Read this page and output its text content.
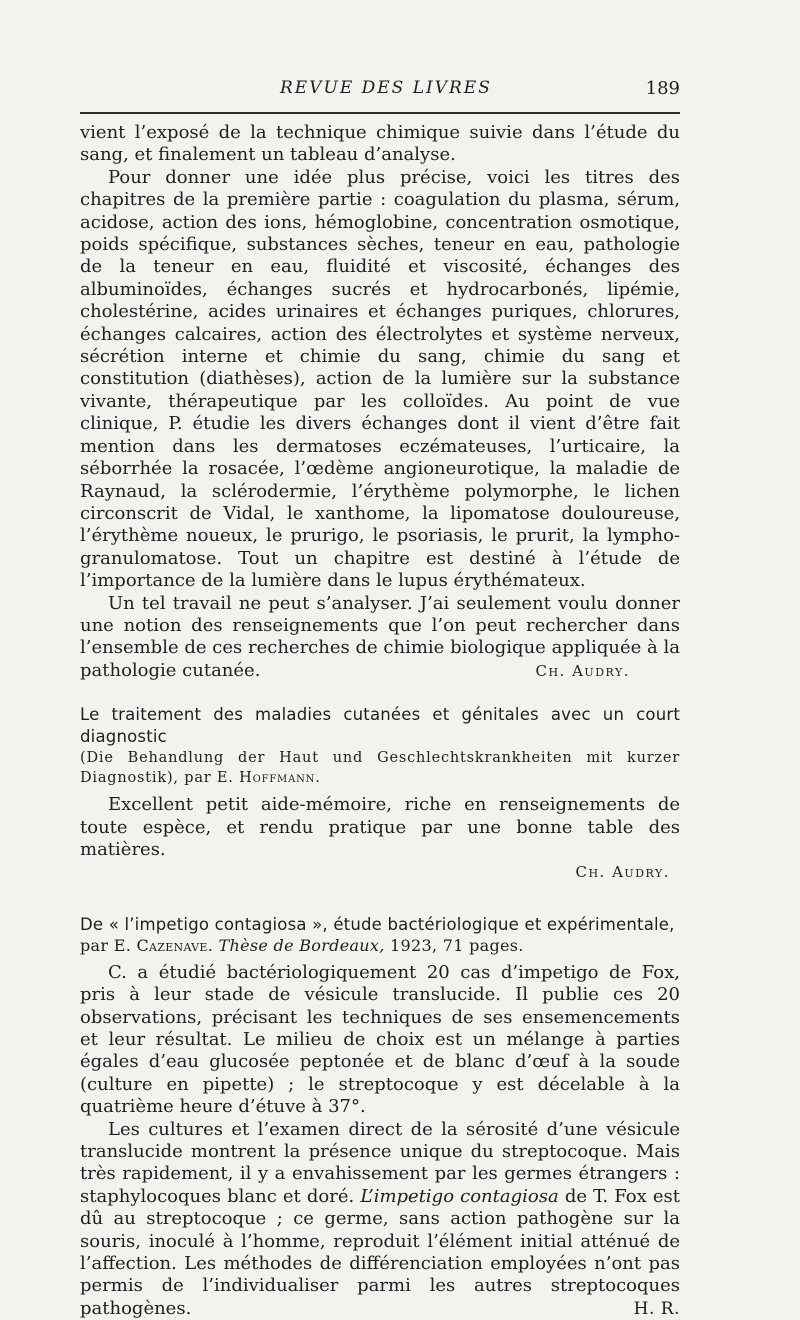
REVUE DES LIVRES	189

vient l’exposé de la technique chimique suivie dans l’étude du sang, et finalement un tableau d’analyse.

Pour donner une idée plus précise, voici les titres des chapitres de la première partie : coagulation du plasma, sérum, acidose, action des ions, hémoglobine, concentration osmotique, poids spécifique, substances sèches, teneur en eau, pathologie de la teneur en eau, fluidité et viscosité, échanges des albuminoïdes, échanges sucrés et hydrocarbonés, lipémie, cholestérine, acides urinaires et échanges puriques, chlorures, échanges calcaires, action des électrolytes et système nerveux, sécrétion interne et chimie du sang, chimie du sang et constitution (diathèses), action de la lumière sur la substance vivante, thérapeutique par les colloïdes. Au point de vue clinique, P. étudie les divers échanges dont il vient d’être fait mention dans les dermatoses eczémateuses, l’urticaire, la séborrhée la rosacée, l’œdème angioneurotique, la maladie de Raynaud, la sclérodermie, l’érythème polymorphe, le lichen circonscrit de Vidal, le xanthome, la lipomatose douloureuse, l’érythème noueux, le prurigo, le psoriasis, le prurit, la lympho-granulomatose. Tout un chapitre est destiné à l’étude de l’importance de la lumière dans le lupus érythémateux.

Un tel travail ne peut s’analyser. J’ai seulement voulu donner une notion des renseignements que l’on peut rechercher dans l’ensemble de ces recherches de chimie biologique appliquée à la pathologie cutanée.	Ch. Audry.
Le traitement des maladies cutanées et génitales avec un court diagnostic
(Die Behandlung der Haut und Geschlechtskrankheiten mit kurzer Diagnostik), par E. Hoffmann.

Excellent petit aide-mémoire, riche en renseignements de toute espèce, et rendu pratique par une bonne table des matières.

Ch. Audry.
De « l’impetigo contagiosa », étude bactériologique et expérimentale,
par E. Cazenave. Thèse de Bordeaux, 1923, 71 pages.

C. a étudié bactériologiquement 20 cas d’impetigo de Fox, pris à leur stade de vésicule translucide. Il publie ces 20 observations, précisant les techniques de ses ensemencements et leur résultat. Le milieu de choix est un mélange à parties égales d’eau glucosée peptonée et de blanc d’œuf à la soude (culture en pipette) ; le streptocoque y est décelable à la quatrième heure d’étuve à 37°.

Les cultures et l’examen direct de la sérosité d’une vésicule translucide montrent la présence unique du streptocoque. Mais très rapidement, il y a envahissement par les germes étrangers : staphylocoques blanc et doré. L’impetigo contagiosa de T. Fox est dû au streptocoque ; ce germe, sans action pathogène sur la souris, inoculé à l’homme, reproduit l’élément initial atténué de l’affection. Les méthodes de différenciation employées n’ont pas permis de l’individualiser parmi les autres streptocoques pathogènes.	H. R.
